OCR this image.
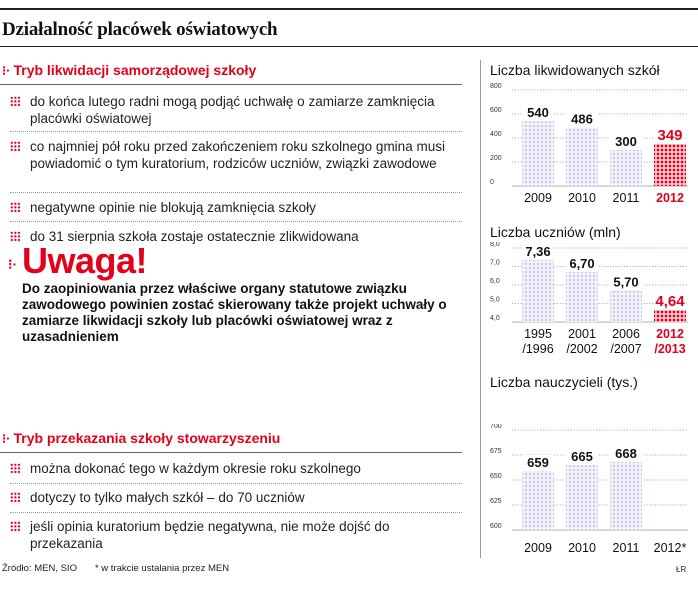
Działalność placówek oświatowych
⁝· Tryb likwidacji samorządowej szkoły
do końca lutego radni mogą podjąć uchwałę o zamiarze zamknięcia placówki oświatowej
co najmniej pół roku przed zakończeniem roku szkolnego gmina musi powiadomić o tym kuratorium, rodziców uczniów, związki zawodowe
negatywne opinie nie blokują zamknięcia szkoły
do 31 sierpnia szkoła zostaje ostatecznie zlikwidowana
⁝· Uwaga!
Do zaopiniowania przez właściwe organy statutowe związku zawodowego powinien zostać skierowany także projekt uchwały o zamiarze likwidacji szkoły lub placówki oświatowej wraz z uzasadnieniem
⁝· Tryb przekazania szkoły stowarzyszeniu
można dokonać tego w każdym okresie roku szkolnego
dotyczy to tylko małych szkół – do 70 uczniów
jeśli opinia kuratorium będzie negatywna, nie może dojść do przekazania
Źródło: MEN, SIO * w trakcie ustalania przez MEN	ŁR
Liczba likwidowanych szkół
0
200
400
600
800
540
2009
486
2010
300
2011
349
2012
Liczba uczniów (mln)
4,0
5,0
6,0
7,0
8,0 7,36
1995
/1996
6,70
2001
/2002
5,70
2006
/2007
4,64
2012
/2013
Liczba nauczycieli (tys.)
600
625
650
675
700
659
2009
665
2010
668
2011 2012*
